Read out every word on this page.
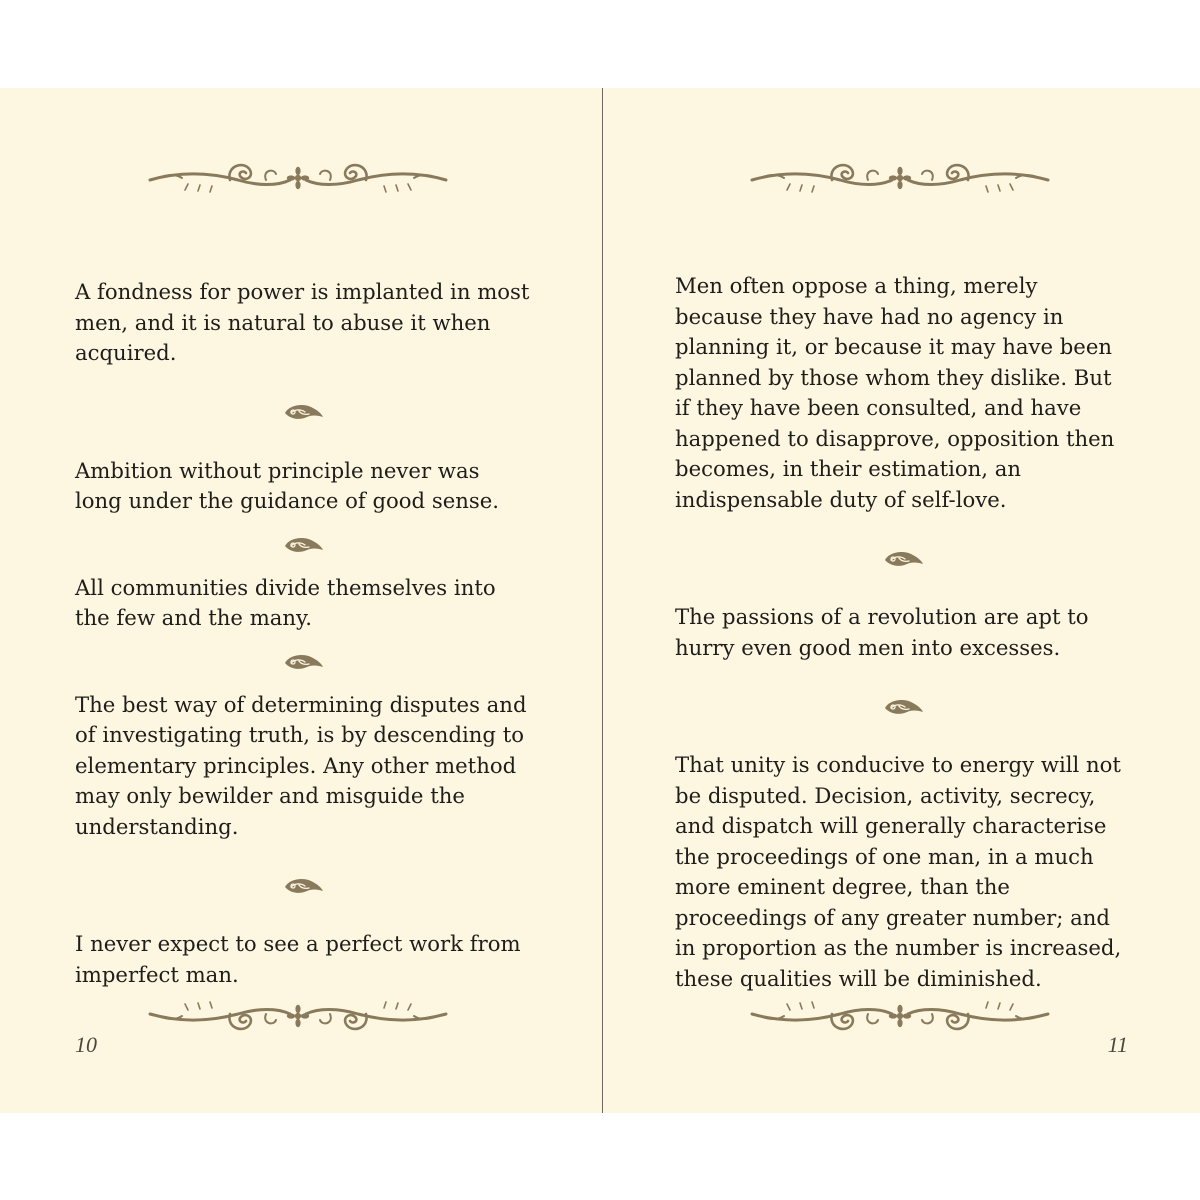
A fondness for power is implanted in most men, and it is natural to abuse it when acquired.

Ambition without principle never was long under the guidance of good sense.

All communities divide themselves into the few and the many.

The best way of determining disputes and of investigating truth, is by descending to elementary principles. Any other method may only bewilder and misguide the understanding.

I never expect to see a perfect work from imperfect man.

10

Men often oppose a thing, merely because they have had no agency in planning it, or because it may have been planned by those whom they dislike. But if they have been consulted, and have happened to disapprove, opposition then becomes, in their estimation, an indispensable duty of self-love.

The passions of a revolution are apt to hurry even good men into excesses.

That unity is conducive to energy will not be disputed. Decision, activity, secrecy, and dispatch will generally characterise the proceedings of one man, in a much more eminent degree, than the proceedings of any greater number; and in proportion as the number is increased, these qualities will be diminished.

11
